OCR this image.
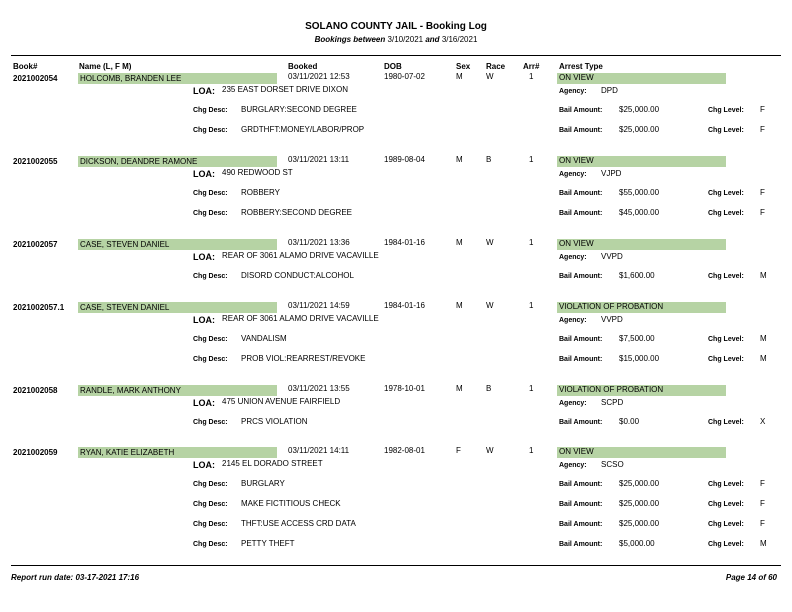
SOLANO COUNTY JAIL - Booking Log
Bookings between 3/10/2021 and 3/16/2021
Book#	Name (L, F M)	Booked	DOB	Sex Race Arr# Arrest Type
2021002054	HOLCOMB, BRANDEN LEE	03/11/2021 12:53	1980-07-02	M	W	1	ON VIEW
LOA: 235 EAST DORSET DRIVE DIXON	Agency: DPD
Chg Desc: BURGLARY:SECOND DEGREE	Bail Amount: $25,000.00	Chg Level: F
Chg Desc: GRDTHFT:MONEY/LABOR/PROP	Bail Amount: $25,000.00	Chg Level: F
2021002055	DICKSON, DEANDRE RAMONE	03/11/2021 13:11	1989-08-04	M	B	1	ON VIEW
LOA: 490 REDWOOD ST	Agency: VJPD
Chg Desc: ROBBERY	Bail Amount: $55,000.00	Chg Level: F
Chg Desc: ROBBERY:SECOND DEGREE	Bail Amount: $45,000.00	Chg Level: F
2021002057	CASE, STEVEN DANIEL	03/11/2021 13:36	1984-01-16	M	W	1	ON VIEW
LOA: REAR OF 3061 ALAMO DRIVE VACAVILLE	Agency: VVPD
Chg Desc: DISORD CONDUCT:ALCOHOL	Bail Amount: $1,600.00	Chg Level: M
2021002057.1 CASE, STEVEN DANIEL	03/11/2021 14:59	1984-01-16	M	W	1	VIOLATION OF PROBATION
LOA: REAR OF 3061 ALAMO DRIVE VACAVILLE	Agency: VVPD
Chg Desc: VANDALISM	Bail Amount: $7,500.00	Chg Level: M
Chg Desc: PROB VIOL:REARREST/REVOKE	Bail Amount: $15,000.00	Chg Level: M
2021002058	RANDLE, MARK ANTHONY	03/11/2021 13:55	1978-10-01	M	B	1	VIOLATION OF PROBATION
LOA: 475 UNION AVENUE FAIRFIELD	Agency: SCPD
Chg Desc: PRCS VIOLATION	Bail Amount: $0.00	Chg Level: X
2021002059	RYAN, KATIE ELIZABETH	03/11/2021 14:11	1982-08-01	F	W	1	ON VIEW
LOA: 2145 EL DORADO STREET	Agency: SCSO
Chg Desc: BURGLARY	Bail Amount: $25,000.00	Chg Level: F
Chg Desc: MAKE FICTITIOUS CHECK	Bail Amount: $25,000.00	Chg Level: F
Chg Desc: THFT:USE ACCESS CRD DATA	Bail Amount: $25,000.00	Chg Level: F
Chg Desc: PETTY THEFT	Bail Amount: $5,000.00	Chg Level: M
Report run date: 03-17-2021 17:16	Page 14 of 60
